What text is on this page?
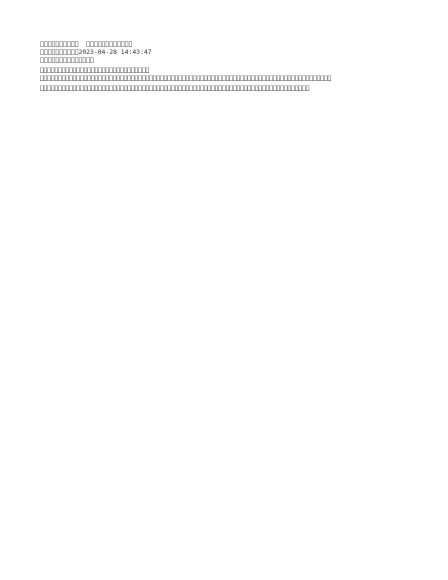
                        
          2023-04-28 14:43:47
              
                              
                                                                                
                                                                          
